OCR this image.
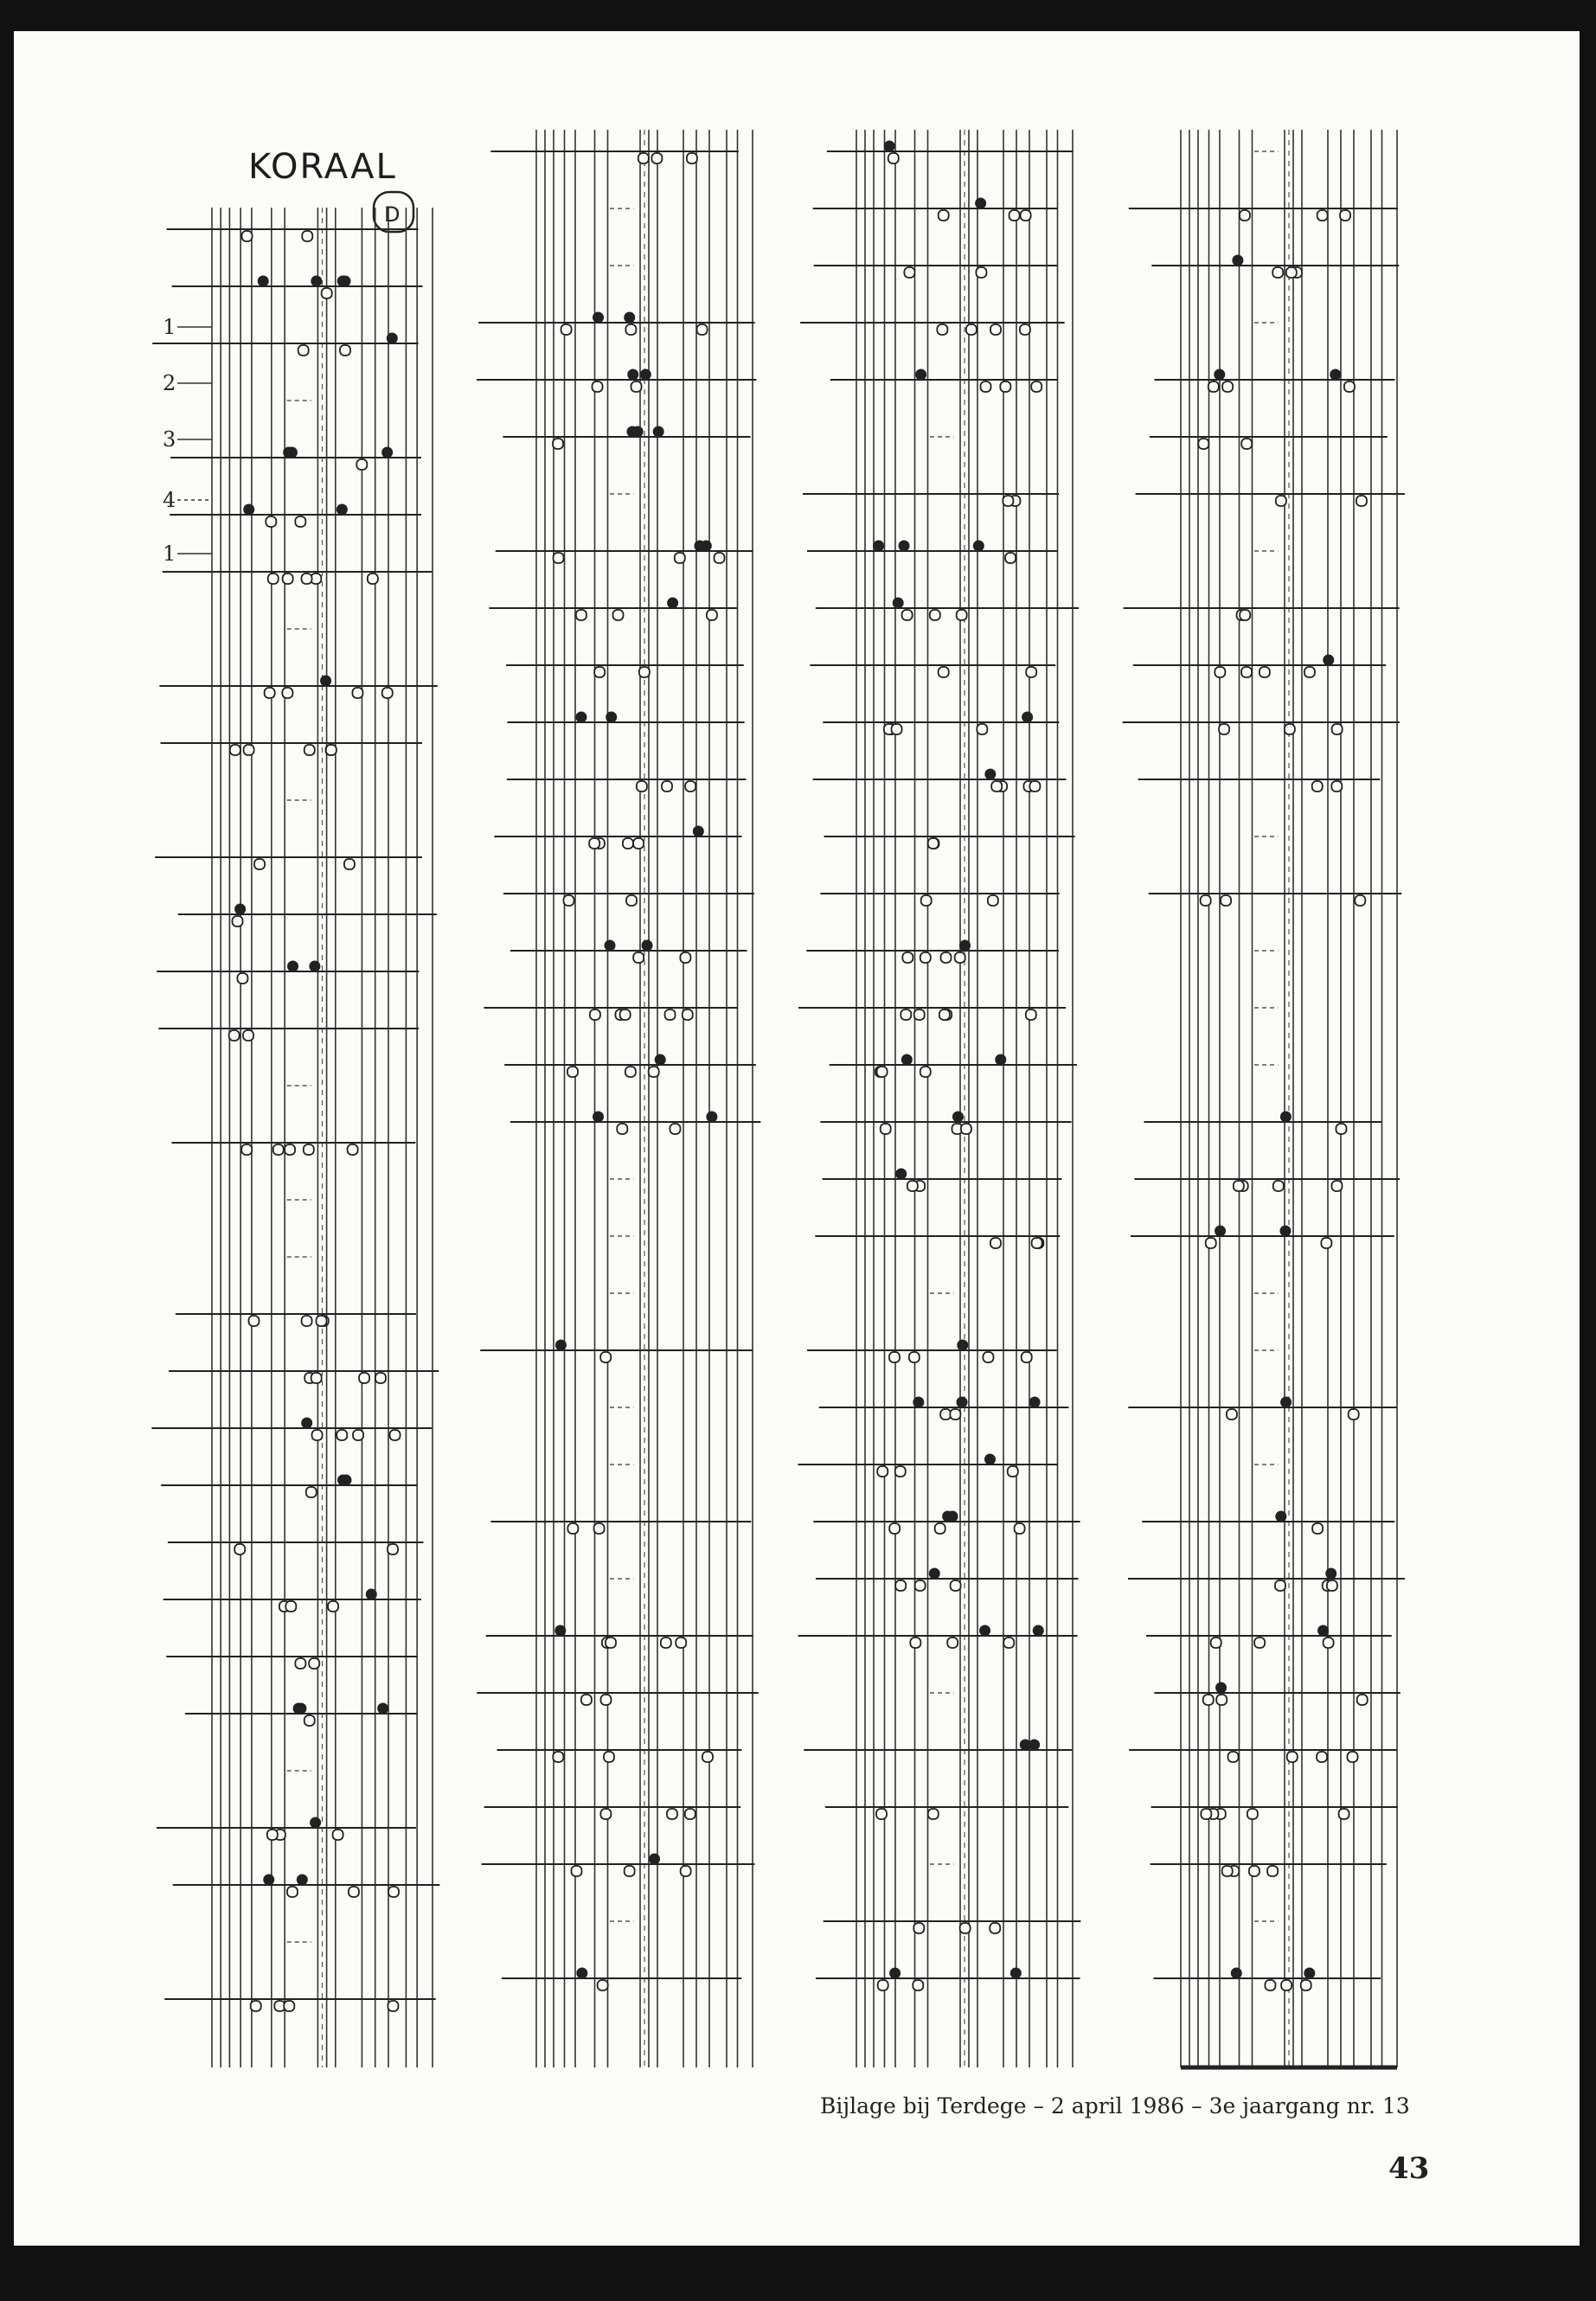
KORAAL
D
1
2
3
4
1
Bijlage bij Terdege – 2 april 1986 – 3e jaargang nr. 13
43
